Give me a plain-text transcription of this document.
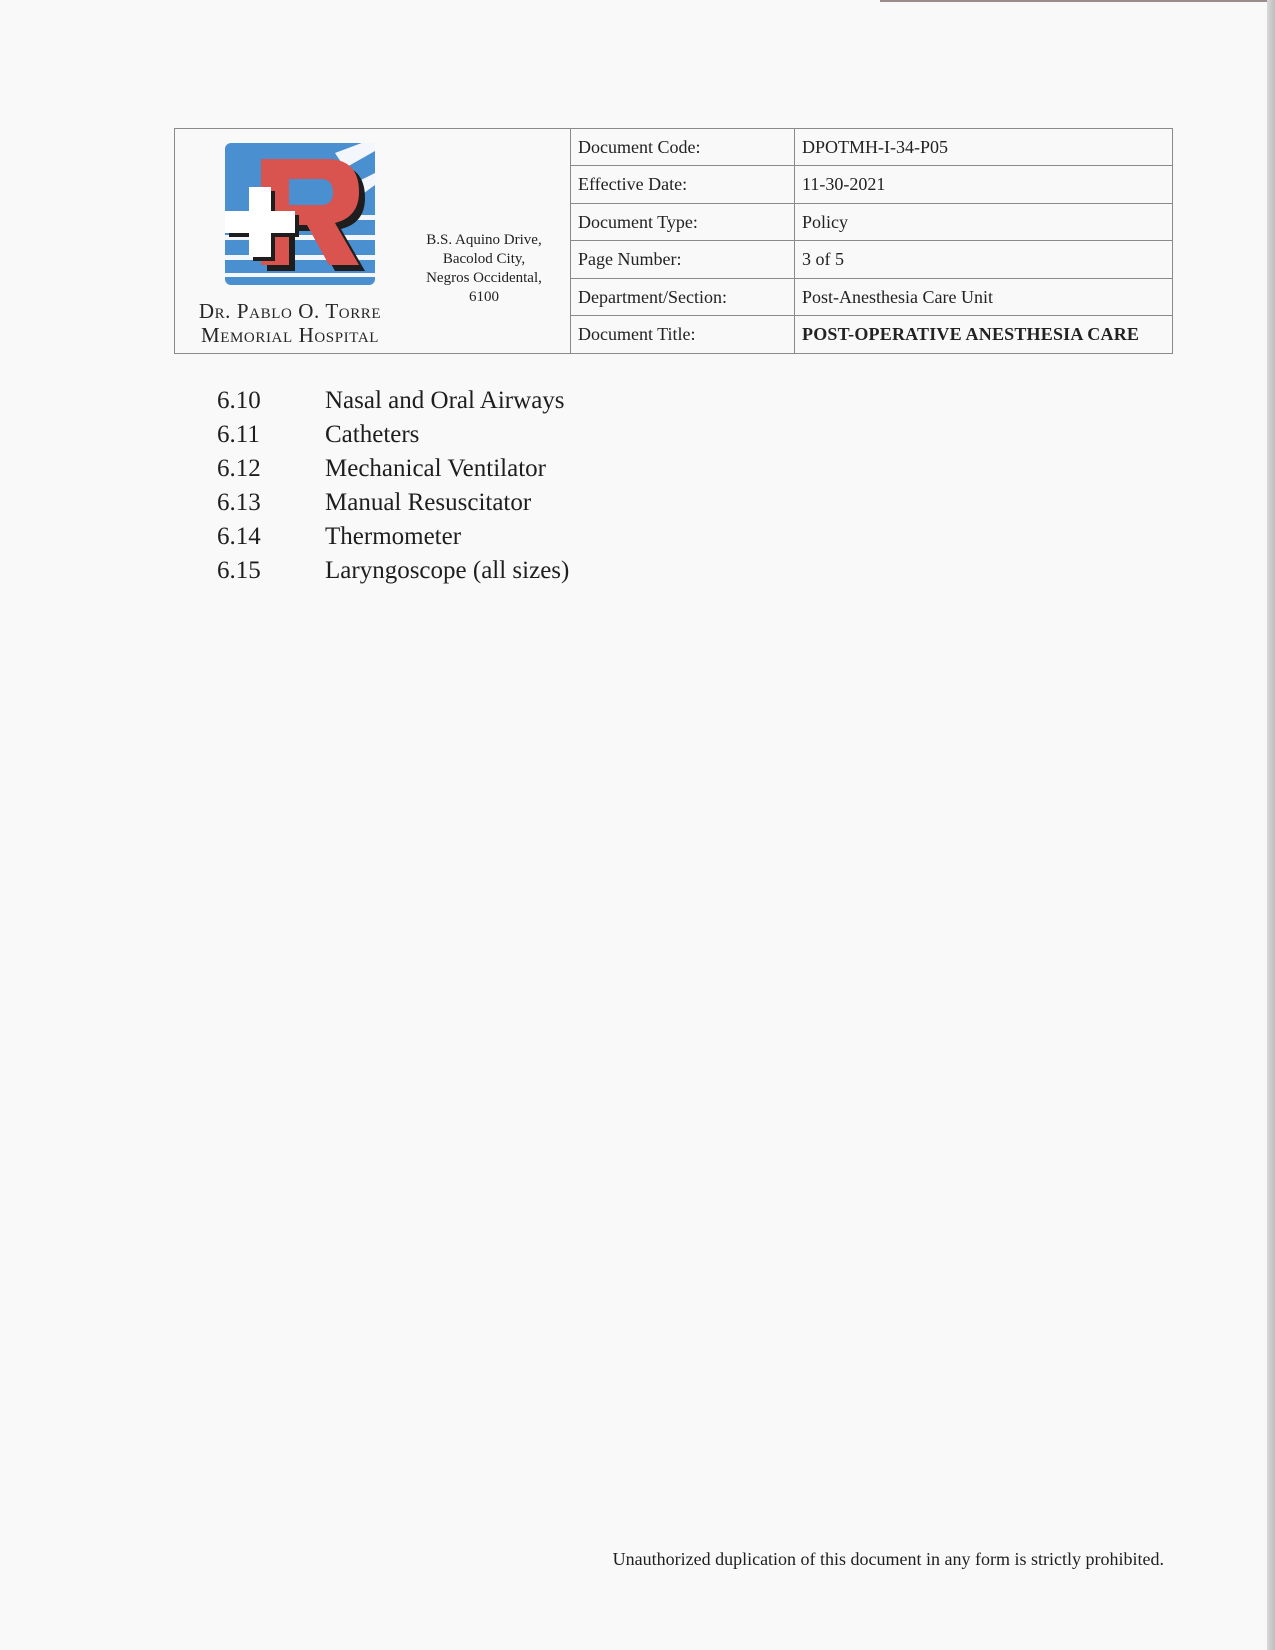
Dr. Pablo O. Torre
Memorial Hospital
B.S. Aquino Drive,
Bacolod City,
Negros Occidental,
6100
Document Code:	DPOTMH-I-34-P05
Effective Date:	11-30-2021
Document Type:	Policy
Page Number:	3 of 5
Department/Section:	Post-Anesthesia Care Unit
Document Title:	POST-OPERATIVE ANESTHESIA CARE
6.10	Nasal and Oral Airways
6.11	Catheters
6.12	Mechanical Ventilator
6.13	Manual Resuscitator
6.14	Thermometer
6.15	Laryngoscope (all sizes)
Unauthorized duplication of this document in any form is strictly prohibited.
